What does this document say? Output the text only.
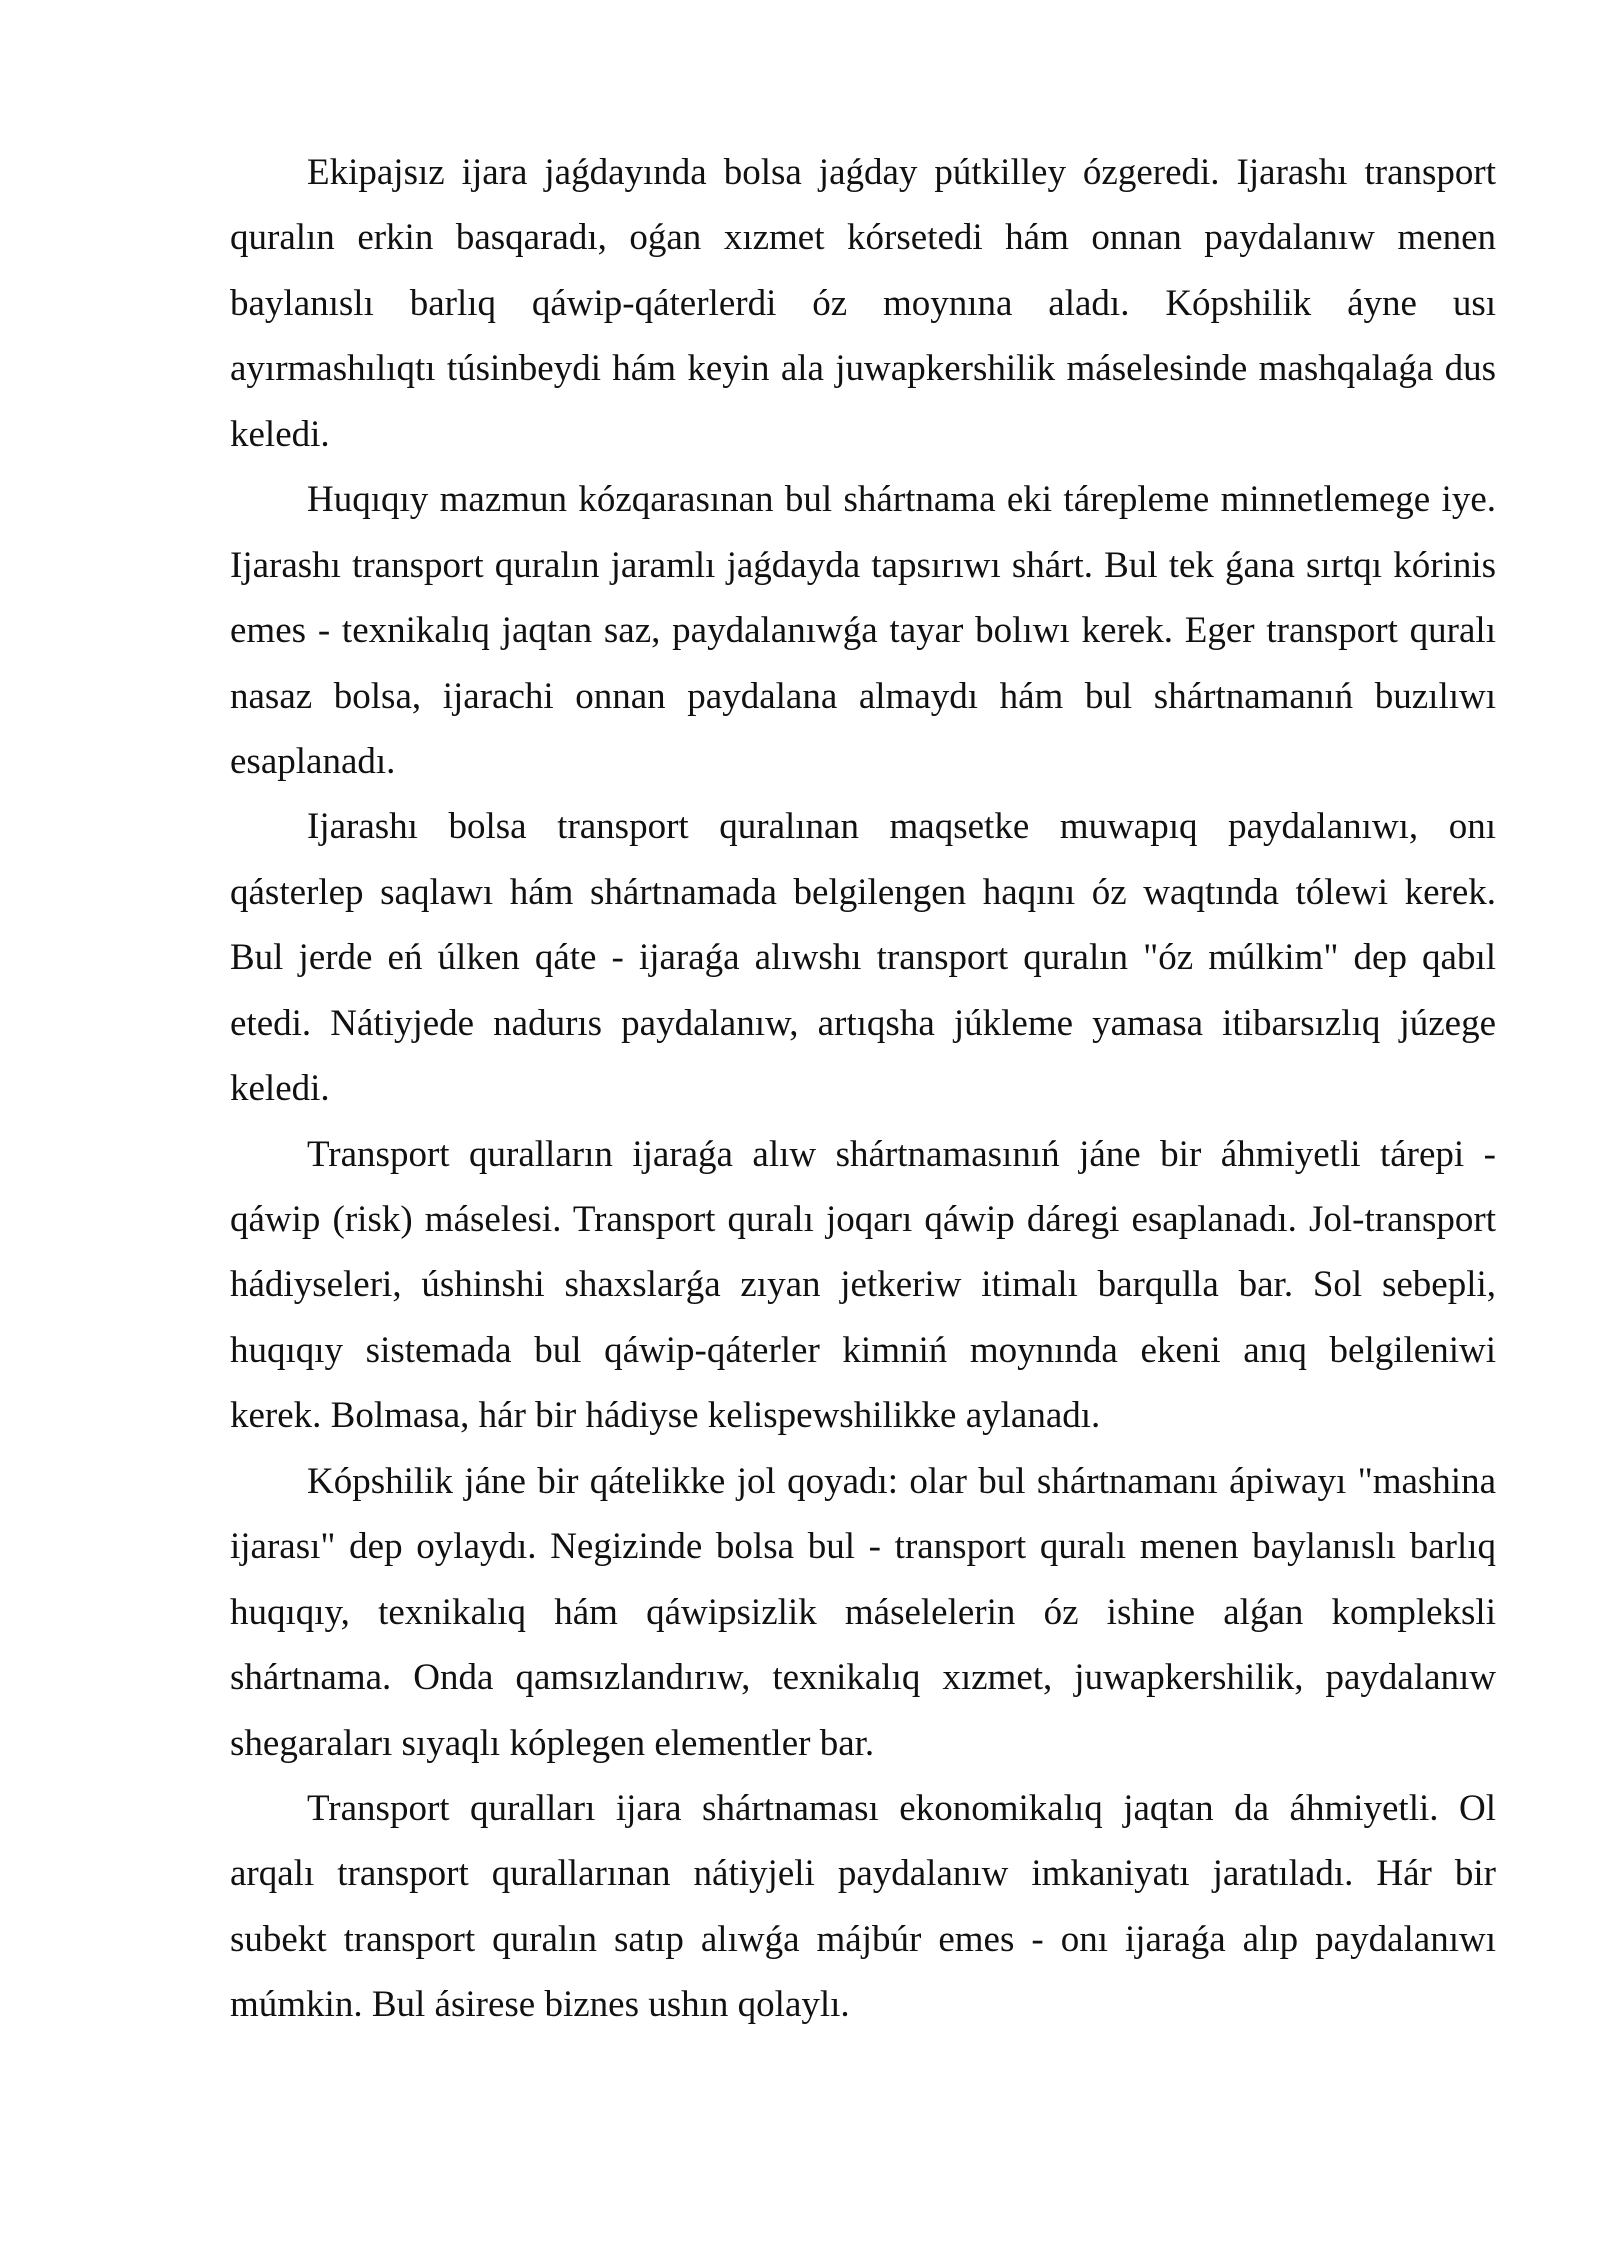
Ekipajsız ijara jaǵdayında bolsa jaǵday pútkilley ózgeredi. Ijarashı transport
quralın erkin basqaradı, oǵan xızmet kórsetedi hám onnan paydalanıw menen
baylanıslı barlıq qáwip-qáterlerdi óz moynına aladı. Kópshilik áyne usı
ayırmashılıqtı túsinbeydi hám keyin ala juwapkershilik máselesinde mashqalaǵa dus
keledi.
Huqıqıy mazmun kózqarasınan bul shártnama eki tárepleme minnetlemege iye.
Ijarashı transport quralın jaramlı jaǵdayda tapsırıwı shárt. Bul tek ǵana sırtqı kórinis
emes - texnikalıq jaqtan saz, paydalanıwǵa tayar bolıwı kerek. Eger transport quralı
nasaz bolsa, ijarachi onnan paydalana almaydı hám bul shártnamanıń buzılıwı
esaplanadı.
Ijarashı bolsa transport quralınan maqsetke muwapıq paydalanıwı, onı
qásterlep saqlawı hám shártnamada belgilengen haqını óz waqtında tólewi kerek.
Bul jerde eń úlken qáte - ijaraǵa alıwshı transport quralın "óz múlkim" dep qabıl
etedi. Nátiyjede nadurıs paydalanıw, artıqsha júkleme yamasa itibarsızlıq júzege
keledi.
Transport quralların ijaraǵa alıw shártnamasınıń jáne bir áhmiyetli tárepi -
qáwip (risk) máselesi. Transport quralı joqarı qáwip dáregi esaplanadı. Jol-transport
hádiyseleri, úshinshi shaxslarǵa zıyan jetkeriw itimalı barqulla bar. Sol sebepli,
huqıqıy sistemada bul qáwip-qáterler kimniń moynında ekeni anıq belgileniwi
kerek. Bolmasa, hár bir hádiyse kelispewshilikke aylanadı.
Kópshilik jáne bir qátelikke jol qoyadı: olar bul shártnamanı ápiwayı "mashina
ijarası" dep oylaydı. Negizinde bolsa bul - transport quralı menen baylanıslı barlıq
huqıqıy, texnikalıq hám qáwipsizlik máselelerin óz ishine alǵan kompleksli
shártnama. Onda qamsızlandırıw, texnikalıq xızmet, juwapkershilik, paydalanıw
shegaraları sıyaqlı kóplegen elementler bar.
Transport quralları ijara shártnaması ekonomikalıq jaqtan da áhmiyetli. Ol
arqalı transport qurallarınan nátiyjeli paydalanıw imkaniyatı jaratıladı. Hár bir
subekt transport quralın satıp alıwǵa májbúr emes - onı ijaraǵa alıp paydalanıwı
múmkin. Bul ásirese biznes ushın qolaylı.
